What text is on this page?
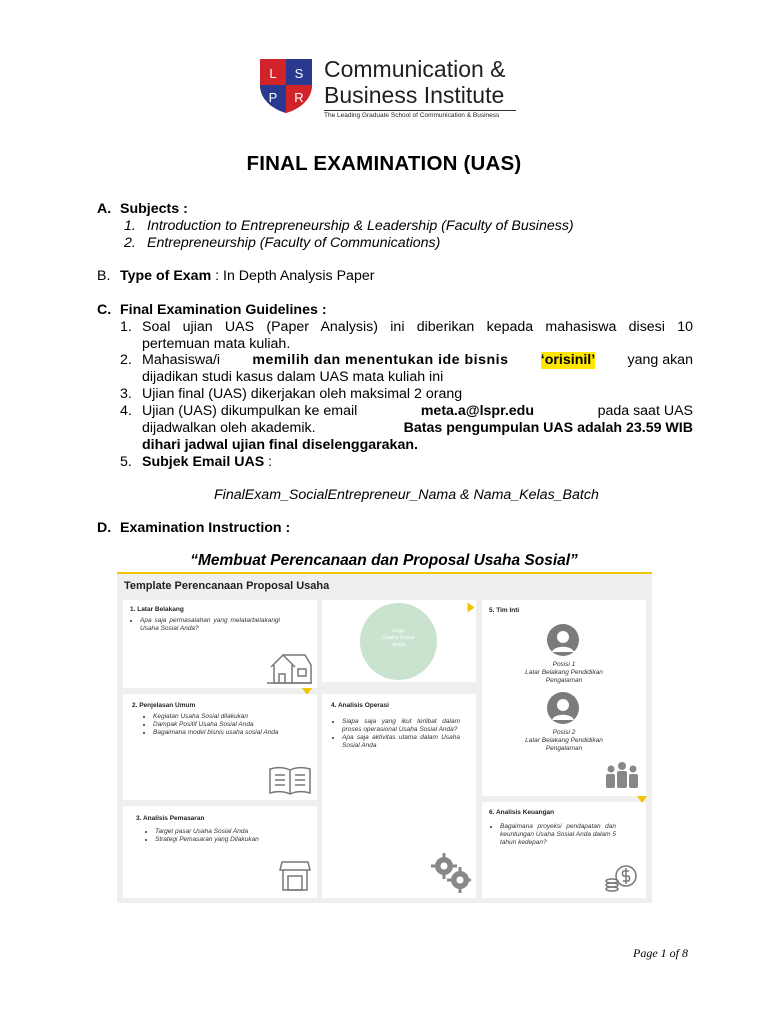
L S
P R
Communication &
Business Institute
The Leading Graduate School of Communication & Business
FINAL EXAMINATION (UAS)
A. Subjects :
1. Introduction to Entrepreneurship & Leadership (Faculty of Business)
2. Entrepreneurship (Faculty of Communications)
B. Type of Exam : In Depth Analysis Paper
C. Final Examination Guidelines :
1. Soal ujian UAS (Paper Analysis) ini diberikan kepada mahasiswa disesi 10
pertemuan mata kuliah.
2. Mahasiswa/i memilih dan menentukan ide bisnis ‘orisinil’ yang akan
dijadikan studi kasus dalam UAS mata kuliah ini
3. Ujian final (UAS) dikerjakan oleh maksimal 2 orang
4. Ujian (UAS) dikumpulkan ke email	meta.a@lspr.edu	pada saat UAS
dijadwalkan oleh akademik.	Batas pengumpulan UAS adalah 23.59 WIB
dihari jadwal ujian final diselenggarakan.
5. Subjek Email UAS :
FinalExam_SocialEntrepreneur_Nama & Nama_Kelas_Batch
D. Examination Instruction :
“Membuat Perencanaan dan Proposal Usaha Sosial”
Template Perencanaan Proposal Usaha
1. Latar Belakang
• Apa saja permasalahan yang melatarbelakangi Usaha Sosial Anda?
2. Penjelasan Umum
• Kegiatan Usaha Sosial dilakukan
• Dampak Positif Usaha Sosial Anda
• Bagaimana model bisnis usaha sosial Anda
3. Analisis Pemasaran
• Target pasar Usaha Sosial Anda
• Strategi Pemasaran yang Dilakukan
Logo
Usaha Sosial
Anda
4. Analisis Operasi
• Siapa saja yang ikut terlibat dalam proses operasional Usaha Sosial Anda?
• Apa saja aktivitas utama dalam Usaha Sosial Anda
5. Tim Inti
Posisi 1
Latar Belakang Pendidikan
Pengalaman
Posisi 2
Latar Belakang Pendidikan
Pengalaman
6. Analisis Keuangan
• Bagaimana proyeksi pendapatan dan keuntungan Usaha Sosial Anda dalam 5 tahun kedepan?
Page 1 of 8
